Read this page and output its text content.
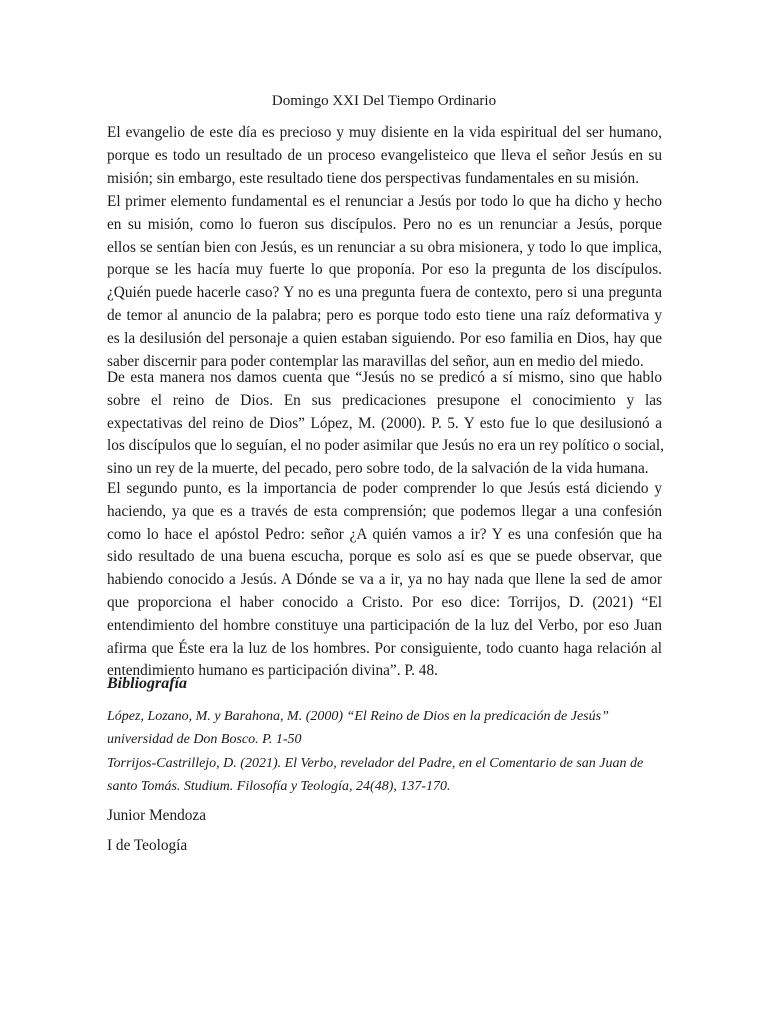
Domingo XXI Del Tiempo Ordinario
El evangelio de este día es precioso y muy disiente en la vida espiritual del ser humano,
porque es todo un resultado de un proceso evangelisteico que lleva el señor Jesús en su
misión; sin embargo, este resultado tiene dos perspectivas fundamentales en su misión.
El primer elemento fundamental es el renunciar a Jesús por todo lo que ha dicho y hecho
en su misión, como lo fueron sus discípulos. Pero no es un renunciar a Jesús, porque
ellos se sentían bien con Jesús, es un renunciar a su obra misionera, y todo lo que implica,
porque se les hacía muy fuerte lo que proponía. Por eso la pregunta de los discípulos.
¿Quién puede hacerle caso? Y no es una pregunta fuera de contexto, pero si una pregunta
de temor al anuncio de la palabra; pero es porque todo esto tiene una raíz deformativa y
es la desilusión del personaje a quien estaban siguiendo. Por eso familia en Dios, hay que
saber discernir para poder contemplar las maravillas del señor, aun en medio del miedo.
De esta manera nos damos cuenta que “Jesús no se predicó a sí mismo, sino que hablo
sobre el reino de Dios. En sus predicaciones presupone el conocimiento y las
expectativas del reino de Dios” López, M. (2000). P. 5. Y esto fue lo que desilusionó a
los discípulos que lo seguían, el no poder asimilar que Jesús no era un rey político o social,
sino un rey de la muerte, del pecado, pero sobre todo, de la salvación de la vida humana.
El segundo punto, es la importancia de poder comprender lo que Jesús está diciendo y
haciendo, ya que es a través de esta comprensión; que podemos llegar a una confesión
como lo hace el apóstol Pedro: señor ¿A quién vamos a ir? Y es una confesión que ha
sido resultado de una buena escucha, porque es solo así es que se puede observar, que
habiendo conocido a Jesús. A Dónde se va a ir, ya no hay nada que llene la sed de amor
que proporciona el haber conocido a Cristo. Por eso dice: Torrijos, D. (2021) “El
entendimiento del hombre constituye una participación de la luz del Verbo, por eso Juan
afirma que Éste era la luz de los hombres. Por consiguiente, todo cuanto haga relación al
entendimiento humano es participación divina”. P. 48.
Bibliografía
López, Lozano, M. y Barahona, M. (2000) “El Reino de Dios en la predicación de Jesús”
universidad de Don Bosco. P. 1-50
Torrijos-Castrillejo, D. (2021). El Verbo, revelador del Padre, en el Comentario de san Juan de
santo Tomás. Studium. Filosofía y Teología, 24(48), 137-170.

Junior Mendoza

I de Teología
